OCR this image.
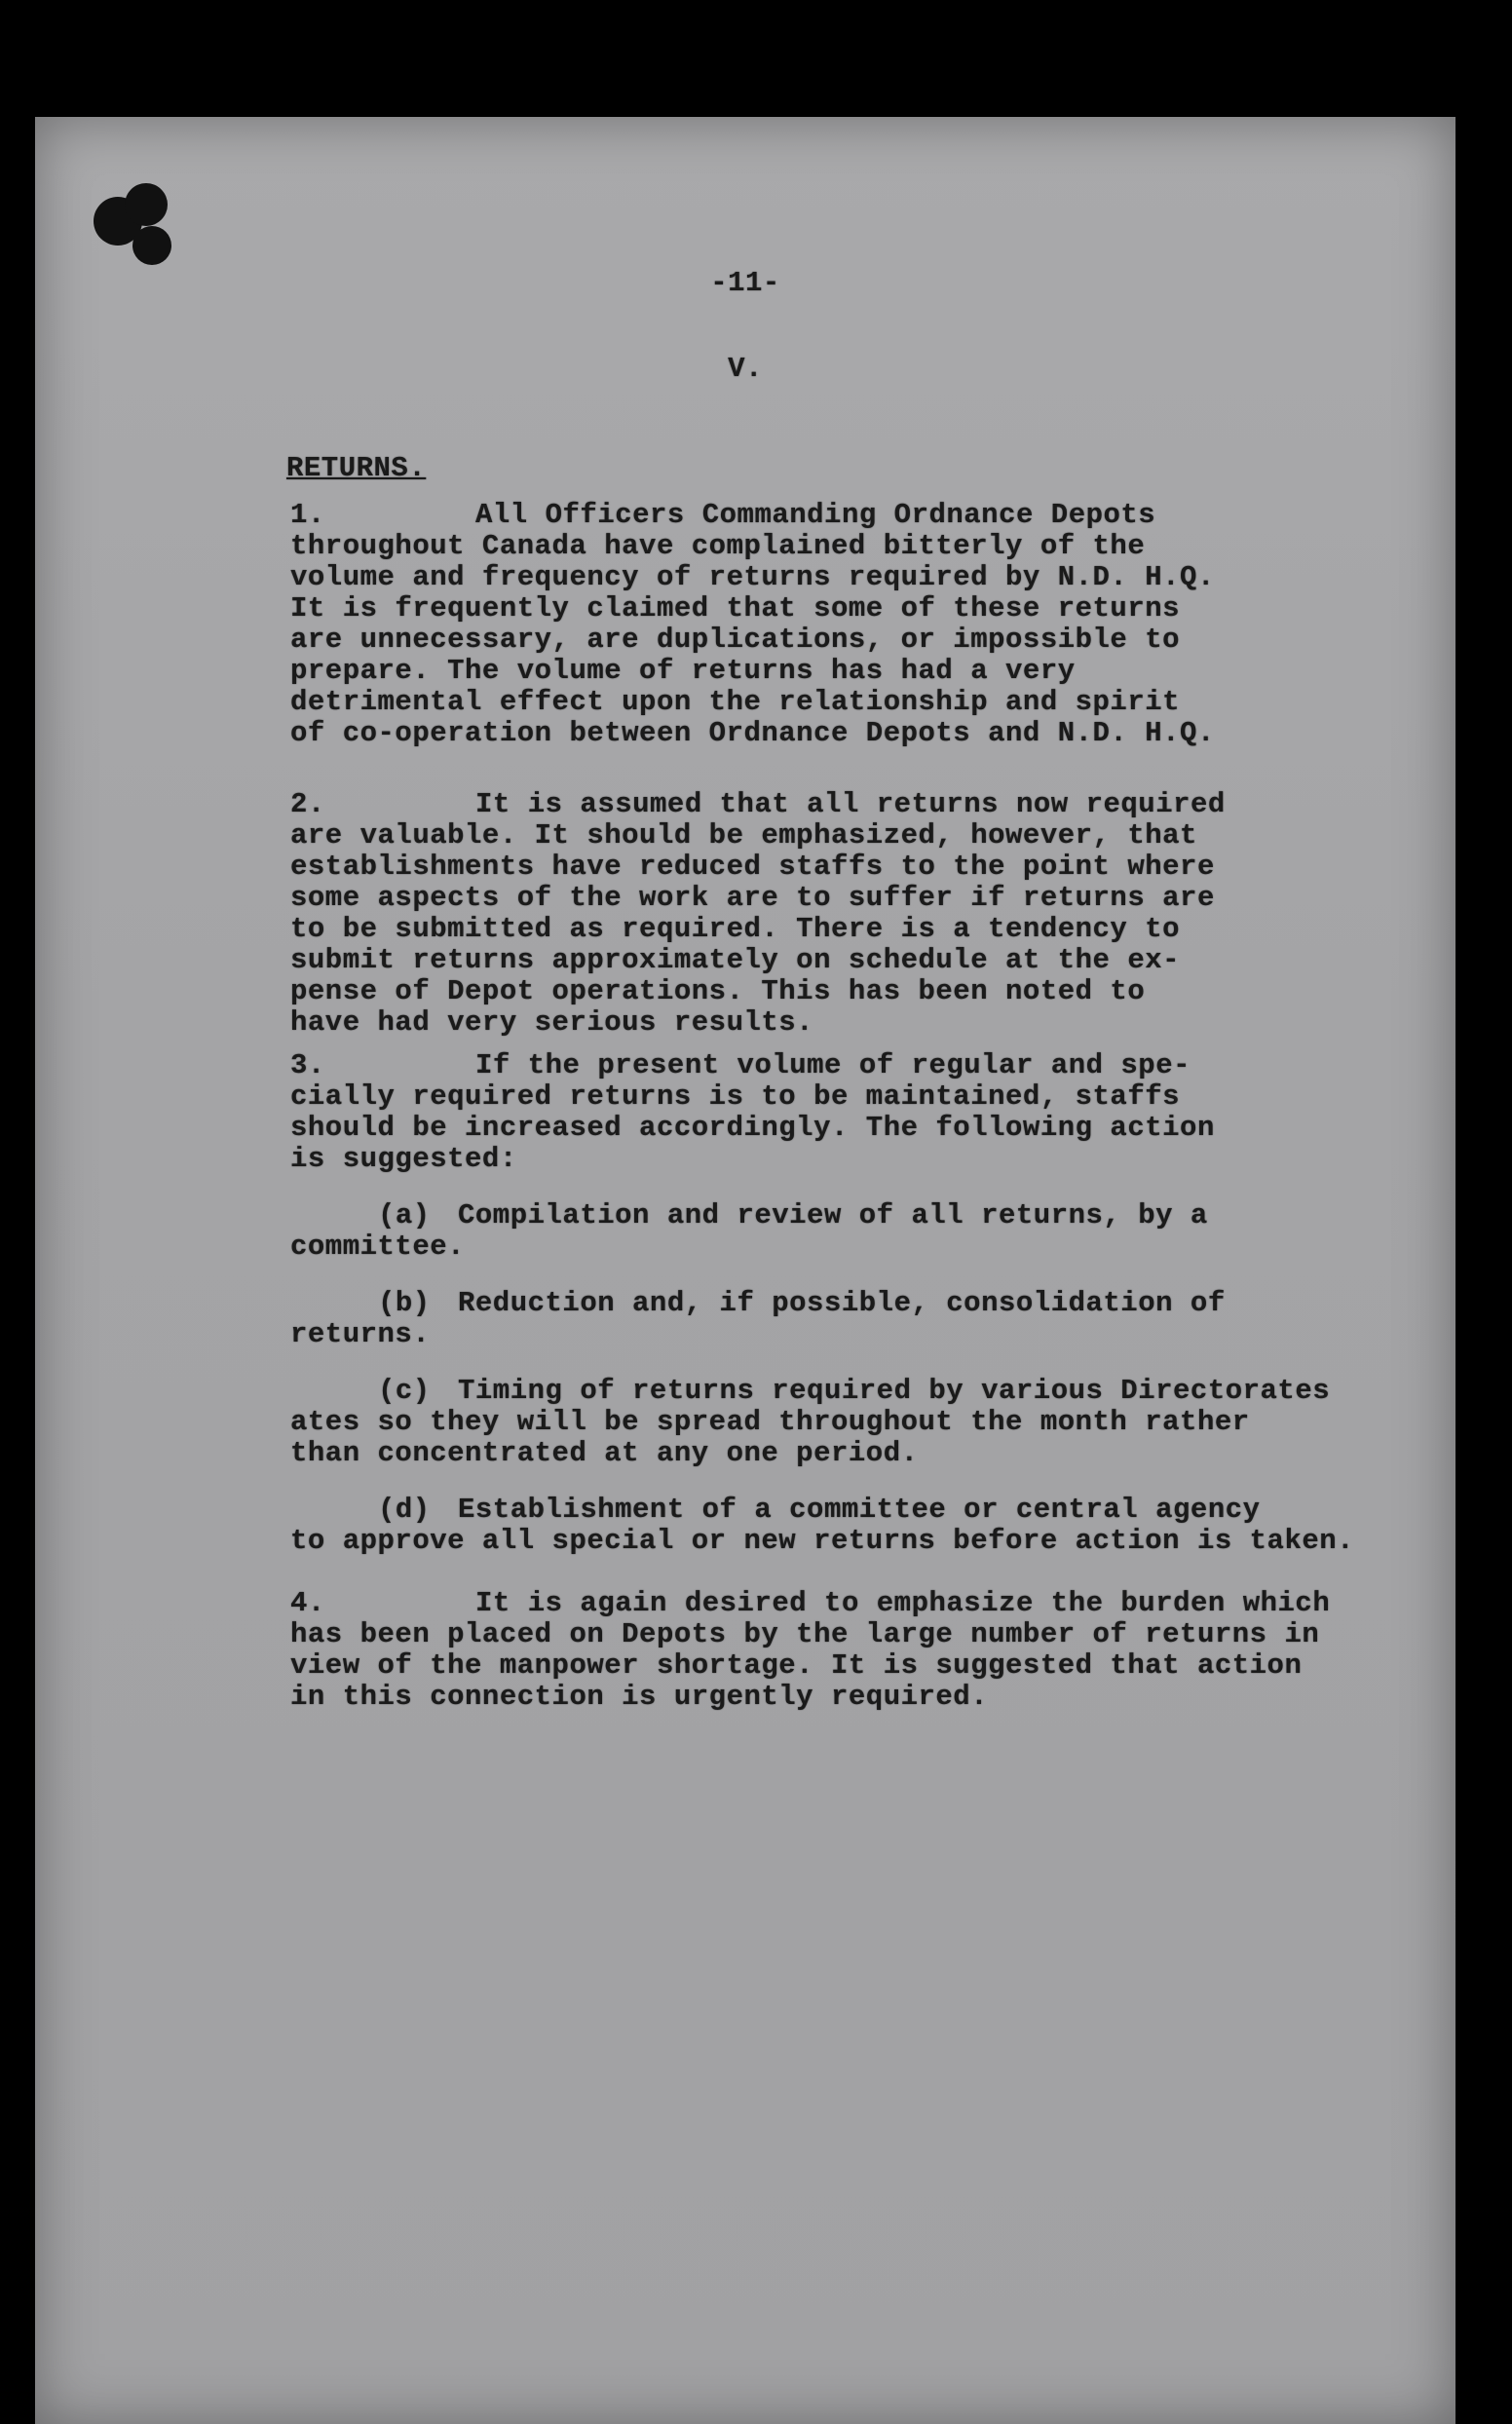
-11-
V.
RETURNS.
1.	All Officers Commanding Ordnance Depots
throughout Canada have complained bitterly of the
volume and frequency of returns required by N.D. H.Q.
It is frequently claimed that some of these returns
are unnecessary, are duplications, or impossible to
prepare. The volume of returns has had a very
detrimental effect upon the relationship and spirit
of co-operation between Ordnance Depots and N.D. H.Q.
2.	It is assumed that all returns now required
are valuable. It should be emphasized, however, that
establishments have reduced staffs to the point where
some aspects of the work are to suffer if returns are
to be submitted as required. There is a tendency to
submit returns approximately on schedule at the ex-
pense of Depot operations. This has been noted to
have had very serious results.
3.	If the present volume of regular and spe-
cially required returns is to be maintained, staffs
should be increased accordingly. The following action
is suggested:
(a) Compilation and review of all returns, by a
committee.
(b) Reduction and, if possible, consolidation of
returns.
(c) Timing of returns required by various Directorates
ates so they will be spread throughout the month rather
than concentrated at any one period.
(d) Establishment of a committee or central agency
to approve all special or new returns before action is taken.
4.	It is again desired to emphasize the burden which
has been placed on Depots by the large number of returns in
view of the manpower shortage. It is suggested that action
in this connection is urgently required.
